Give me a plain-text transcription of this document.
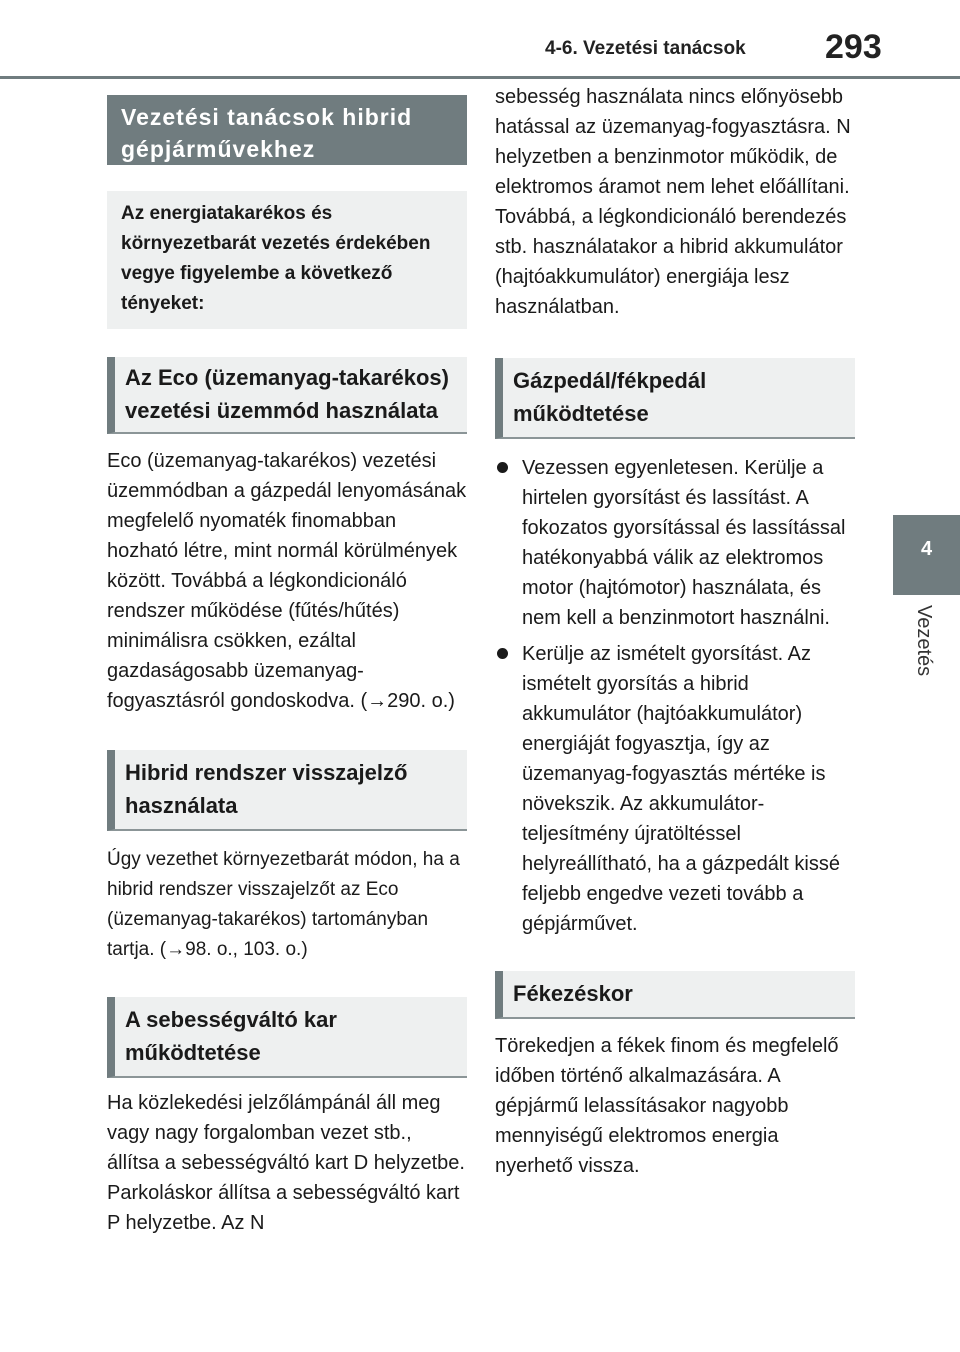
4-6. Vezetési tanácsok 293
4
Vezetés
Vezetési tanácsok hibrid gépjárművekhez
Az energiatakarékos és környezetbarát vezetés érdekében vegye figyelembe a következő tényeket:
Az Eco (üzemanyag-takarékos) vezetési üzemmód használata
Eco (üzemanyag-takarékos) vezetési üzemmódban a gázpedál lenyomásának megfelelő nyomaték finomabban hozható létre, mint normál körülmények között. Továbbá a légkondicionáló rendszer működése (fűtés/hűtés) minimálisra csökken, ezáltal gazdaságosabb üzemanyag-fogyasztásról gondoskodva. (→290. o.)
Hibrid rendszer visszajelző használata
Úgy vezethet környezetbarát módon, ha a hibrid rendszer visszajelzőt az Eco (üzemanyag-takarékos) tartományban tartja. (→98. o., 103. o.)
A sebességváltó kar működtetése
Ha közlekedési jelzőlámpánál áll meg vagy nagy forgalomban vezet stb., állítsa a sebességváltó kart D helyzetbe. Parkoláskor állítsa a sebességváltó kart P helyzetbe. Az N
sebesség használata nincs előnyösebb hatással az üzemanyag-fogyasztásra. N helyzetben a benzinmotor működik, de elektromos áramot nem lehet előállítani. Továbbá, a légkondicionáló berendezés stb. használatakor a hibrid akkumulátor (hajtóakkumulátor) energiája lesz használatban.
Gázpedál/fékpedál működtetése
Vezessen egyenletesen. Kerülje a hirtelen gyorsítást és lassítást. A fokozatos gyorsítással és lassítással hatékonyabbá válik az elektromos motor (hajtómotor) használata, és nem kell a benzinmotort használni.
Kerülje az ismételt gyorsítást. Az ismételt gyorsítás a hibrid akkumulátor (hajtóakkumulátor) energiáját fogyasztja, így az üzemanyag-fogyasztás mértéke is növekszik. Az akkumulátor-teljesítmény újratöltéssel helyreállítható, ha a gázpedált kissé feljebb engedve vezeti tovább a gépjárművet.
Fékezéskor
Törekedjen a fékek finom és megfelelő időben történő alkalmazására. A gépjármű lelassításakor nagyobb mennyiségű elektromos energia nyerhető vissza.
